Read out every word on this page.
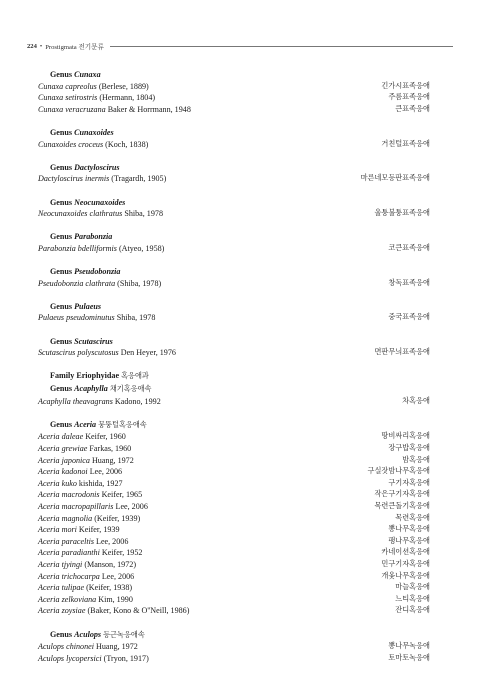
224 • Prostigmata 전기문류
Genus Cunaxa
Cunaxa capreolus (Berlese, 1889)	긴가시표족응애
Cunaxa setirostris (Hermann, 1804)	주름표족응애
Cunaxa veracruzana Baker & Horrmann, 1948	큰표족응애
Genus Cunaxoides
Cunaxoides croceus (Koch, 1838)	거친털표족응애
Genus Dactyloscirus
Dactyloscirus inermis (Tragardh, 1905)	마른네모등판표족응애
Genus Neocunaxoides
Neocunaxoides clathratus Shiba, 1978	울퉁불퉁표족응애
Genus Parabonzia
Parabonzia bdelliformis (Atyeo, 1958)	코큰표족응애
Genus Pseudobonzia
Pseudobonzia clathrata (Shiba, 1978)	창독표족응애
Genus Pulaeus
Pulaeus pseudominutus Shiba, 1978	중국표족응애
Genus Scutascirus
Scutascirus polyscutosus Den Heyer, 1976	면판무늬표족응애
Family Eriophyidae 혹응애과
Genus Acaphylla 채기혹응애속
Acaphylla theavagrans Kadono, 1992	차혹응애
Genus Aceria 뭉뚱털혹응애속
Aceria daleae Keifer, 1960	땅비싸리혹응애
Aceria grewiae Farkas, 1960	장구밥혹응애
Aceria japonica Huang, 1972	밤혹응애
Aceria kadonoi Lee, 2006	구실잣밤나무혹응애
Aceria kuko kishida, 1927	구기자혹응애
Aceria macrodonis Keifer, 1965	작은구기자혹응애
Aceria macropapillaris Lee, 2006	목련큰돌기혹응애
Aceria magnolia (Keifer, 1939)	목련혹응애
Aceria mori Keifer, 1939	뽕나무혹응애
Aceria paraceltis Lee, 2006	팽나무혹응애
Aceria paradianthi Keifer, 1952	카네이션혹응애
Aceria tjyingi (Manson, 1972)	민구기자혹응애
Aceria trichocarpa Lee, 2006	개옻나무혹응애
Aceria tulipae (Keifer, 1938)	마늘혹응애
Aceria zelkoviana Kim, 1990	느티혹응애
Aceria zoysiae (Baker, Kono & O''Neill, 1986)	잔디혹응애
Genus Aculops 등근녹응애속
Aculops chinonei Huang, 1972	뽕나무녹응애
Aculops lycopersici (Tryon, 1917)	토마토녹응애
